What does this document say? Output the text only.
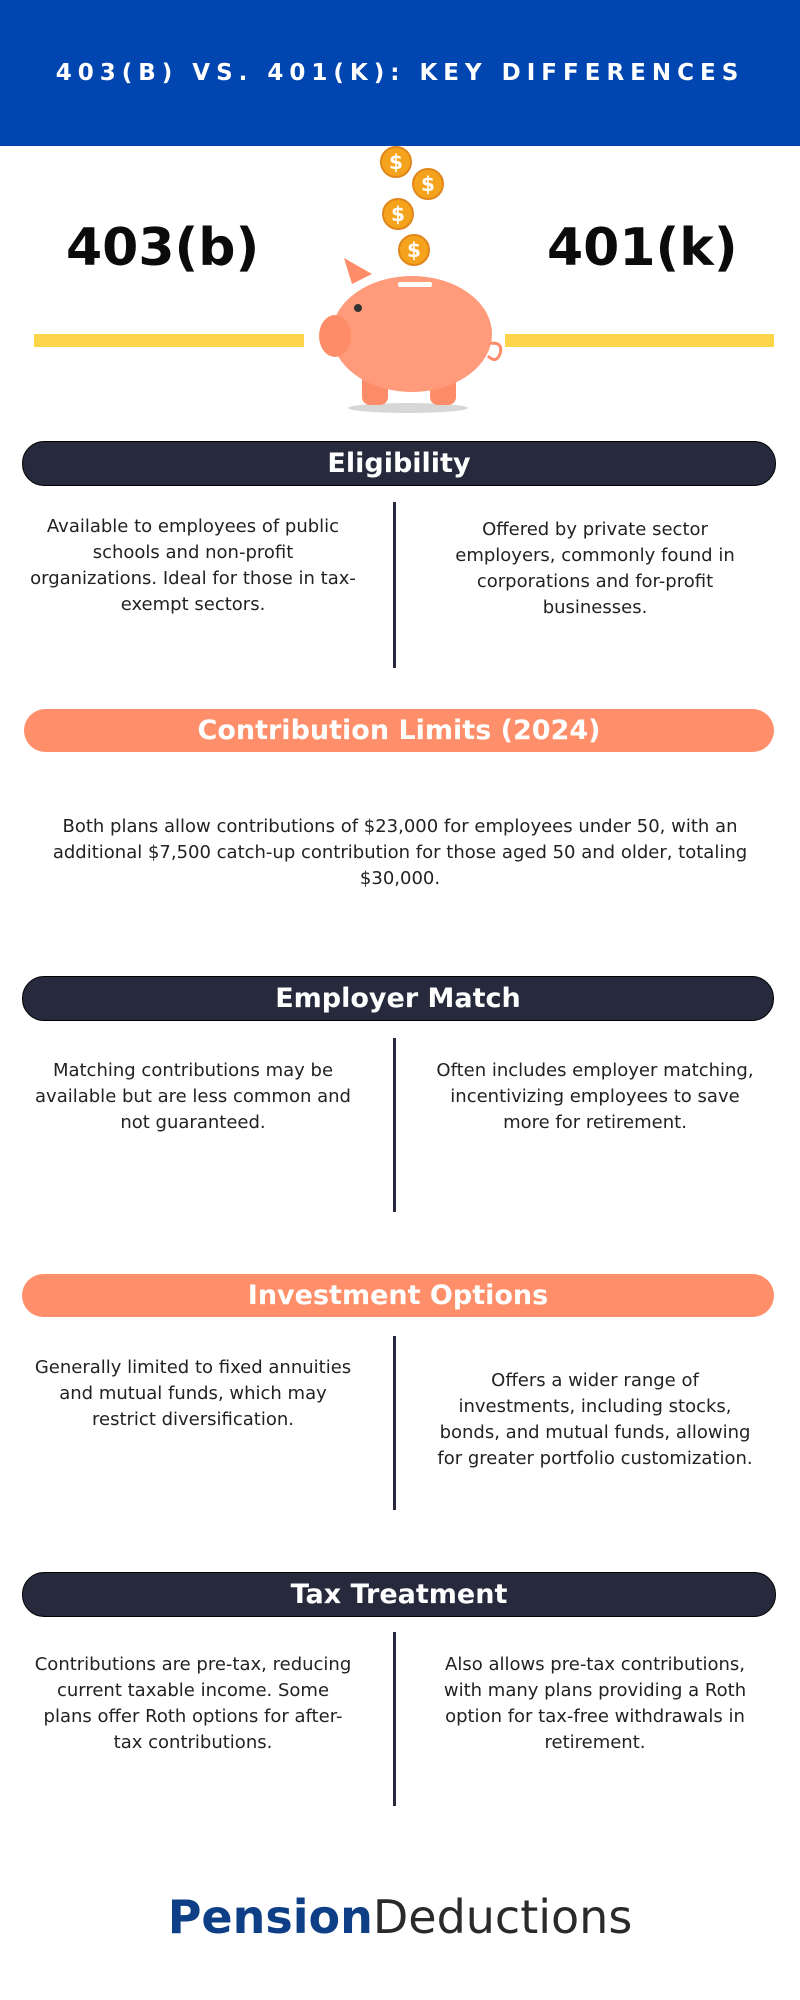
403(B) VS. 401(K): KEY DIFFERENCES
403(b)	401(k)
$
$
$
$
Eligibility
Available to employees of public schools and non-profit organizations. Ideal for those in tax-exempt sectors.
Offered by private sector employers, commonly found in corporations and for-profit businesses.
Contribution Limits (2024)
Both plans allow contributions of $23,000 for employees under 50, with an additional $7,500 catch-up contribution for those aged 50 and older, totaling $30,000.
Employer Match
Matching contributions may be available but are less common and not guaranteed.
Often includes employer matching, incentivizing employees to save more for retirement.
Investment Options
Generally limited to fixed annuities and mutual funds, which may restrict diversification.
Offers a wider range of investments, including stocks, bonds, and mutual funds, allowing for greater portfolio customization.
Tax Treatment
Contributions are pre-tax, reducing current taxable income. Some plans offer Roth options for after-tax contributions.
Also allows pre-tax contributions, with many plans providing a Roth option for tax-free withdrawals in retirement.
PensionDeductions
